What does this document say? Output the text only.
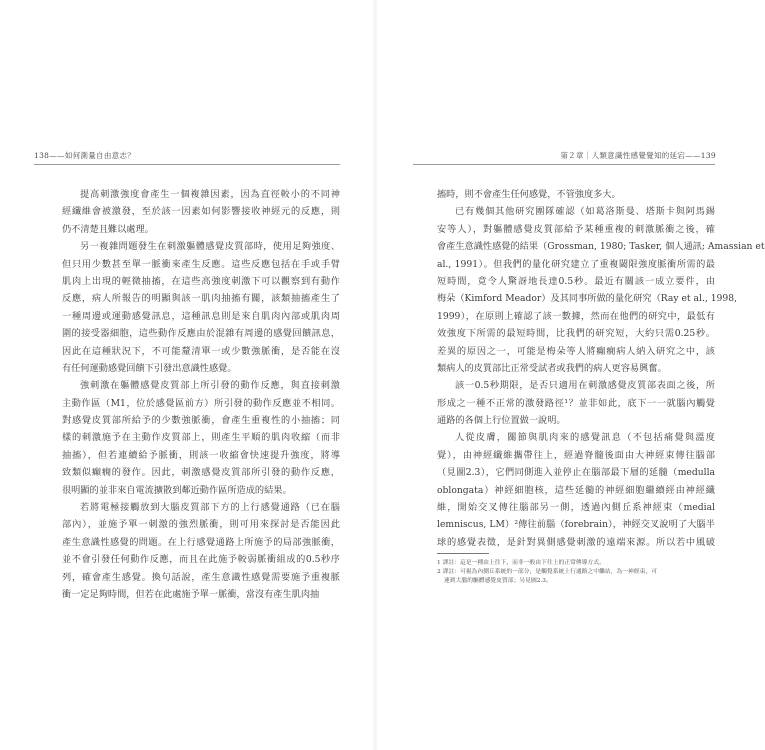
138——如何測量自由意志？
提高刺激強度會產生一個複雜因素，因為直徑較小的不同神
經纖維會被激發，至於該一因素如何影響接收神經元的反應，則
仍不清楚且難以處理。
另一複雜問題發生在刺激軀體感覺皮質部時，使用足夠強度、
但只用少數甚至單一脈衝來產生反應。這些反應包括在手或手臂
肌肉上出現的輕微抽搐，在這些高強度刺激下可以觀察到有動作
反應，病人所報告的明顯與該一肌肉抽搐有關，該類抽搐產生了
一種周邊或運動感覺訊息，這種訊息則是來自肌肉內部或肌肉周
圍的接受器細胞，這些動作反應由於混雜有周邊的感覺回饋訊息，
因此在這種狀況下，不可能釐清單一或少數強脈衝，是否能在沒
有任何運動感覺回饋下引發出意識性感覺。
強刺激在軀體感覺皮質部上所引發的動作反應，與直接刺激
主動作區（M1，位於感覺區前方）所引發的動作反應並不相同。
對感覺皮質部所給予的少數強脈衝，會產生重複性的小抽搐；同
樣的刺激施予在主動作皮質部上，則產生平順的肌肉收縮（而非
抽搐），但若連續給予脈衝，則該一收縮會快速提升強度，將導
致類似癲癇的發作。因此，刺激感覺皮質部所引發的動作反應，
很明顯的並非來自電流擴散到鄰近動作區所造成的結果。
若將電極接觸放到大腦皮質部下方的上行感覺通路（已在腦
部內），並施予單一刺激的強烈脈衝，則可用來探討是否能因此
產生意識性感覺的問題。在上行感覺通路上所施予的局部強脈衝，
並不會引發任何動作反應，而且在此施予較弱脈衝組成的0.5秒序
列，確會產生感覺。換句話說，產生意識性感覺需要施予重複脈
衝一定足夠時間，但若在此處施予單一脈衝，當沒有產生肌肉抽
第２章｜人類意識性感覺覺知的延宕——139
搐時，則不會產生任何感覺，不管強度多大。
已有幾個其他研究團隊確認（如葛洛斯曼、塔斯卡與阿馬錫
安等人），對軀體感覺皮質部給予某種重複的刺激脈衝之後，確
會產生意識性感覺的結果（Grossman, 1980; Tasker, 個人通訊; Amassian et
al., 1991）。但我們的量化研究建立了重複閾限強度脈衝所需的最
短時間，竟令人驚訝地長達0.5秒。最近有關該一成立要件，由
梅朵（Kimford Meador）及其同事所做的量化研究（Ray et al., 1998,
1999），在原則上確認了該一數據，然而在他們的研究中，最低有
效強度下所需的最短時間，比我們的研究短，大約只需0.25秒。
差異的原因之一，可能是梅朵等人將癲癇病人納入研究之中，該
類病人的皮質部比正常受試者或我們的病人更容易興奮。
該一0.5秒期限，是否只適用在刺激感覺皮質部表面之後，所
形成之一種不正常的激發路徑¹？並非如此，底下一一就腦內觸覺
通路的各個上行位置做一說明。
人從皮膚，關節與肌肉來的感覺訊息（不包括痛覺與溫度
覺），由神經纖維攜帶往上，經過脊髓後面由大神經束傳往腦部
（見圖2.3），它們同側進入並停止在腦部最下層的延髓（medulla
oblongata）神經細胞核，這些延髓的神經細胞繼續經由神經纖
維，開始交叉傳往腦部另一側，透過內側丘系神經束（medial
lemniscus, LM）²傳往前腦（forebrain），神經交叉說明了大腦半
球的感覺表徵，是針對異側感覺刺激的遠端來源。所以若中風破
1 譯註：這是一種由上往下，而非一般由下往上的正常傳導方式。
2 譯註：可視為內側丘系統的一部分，是觸覺系統上行通路之中繼站，為一神經束，可
連到大腦的驅體感覺皮質部；另見圖2.3。
